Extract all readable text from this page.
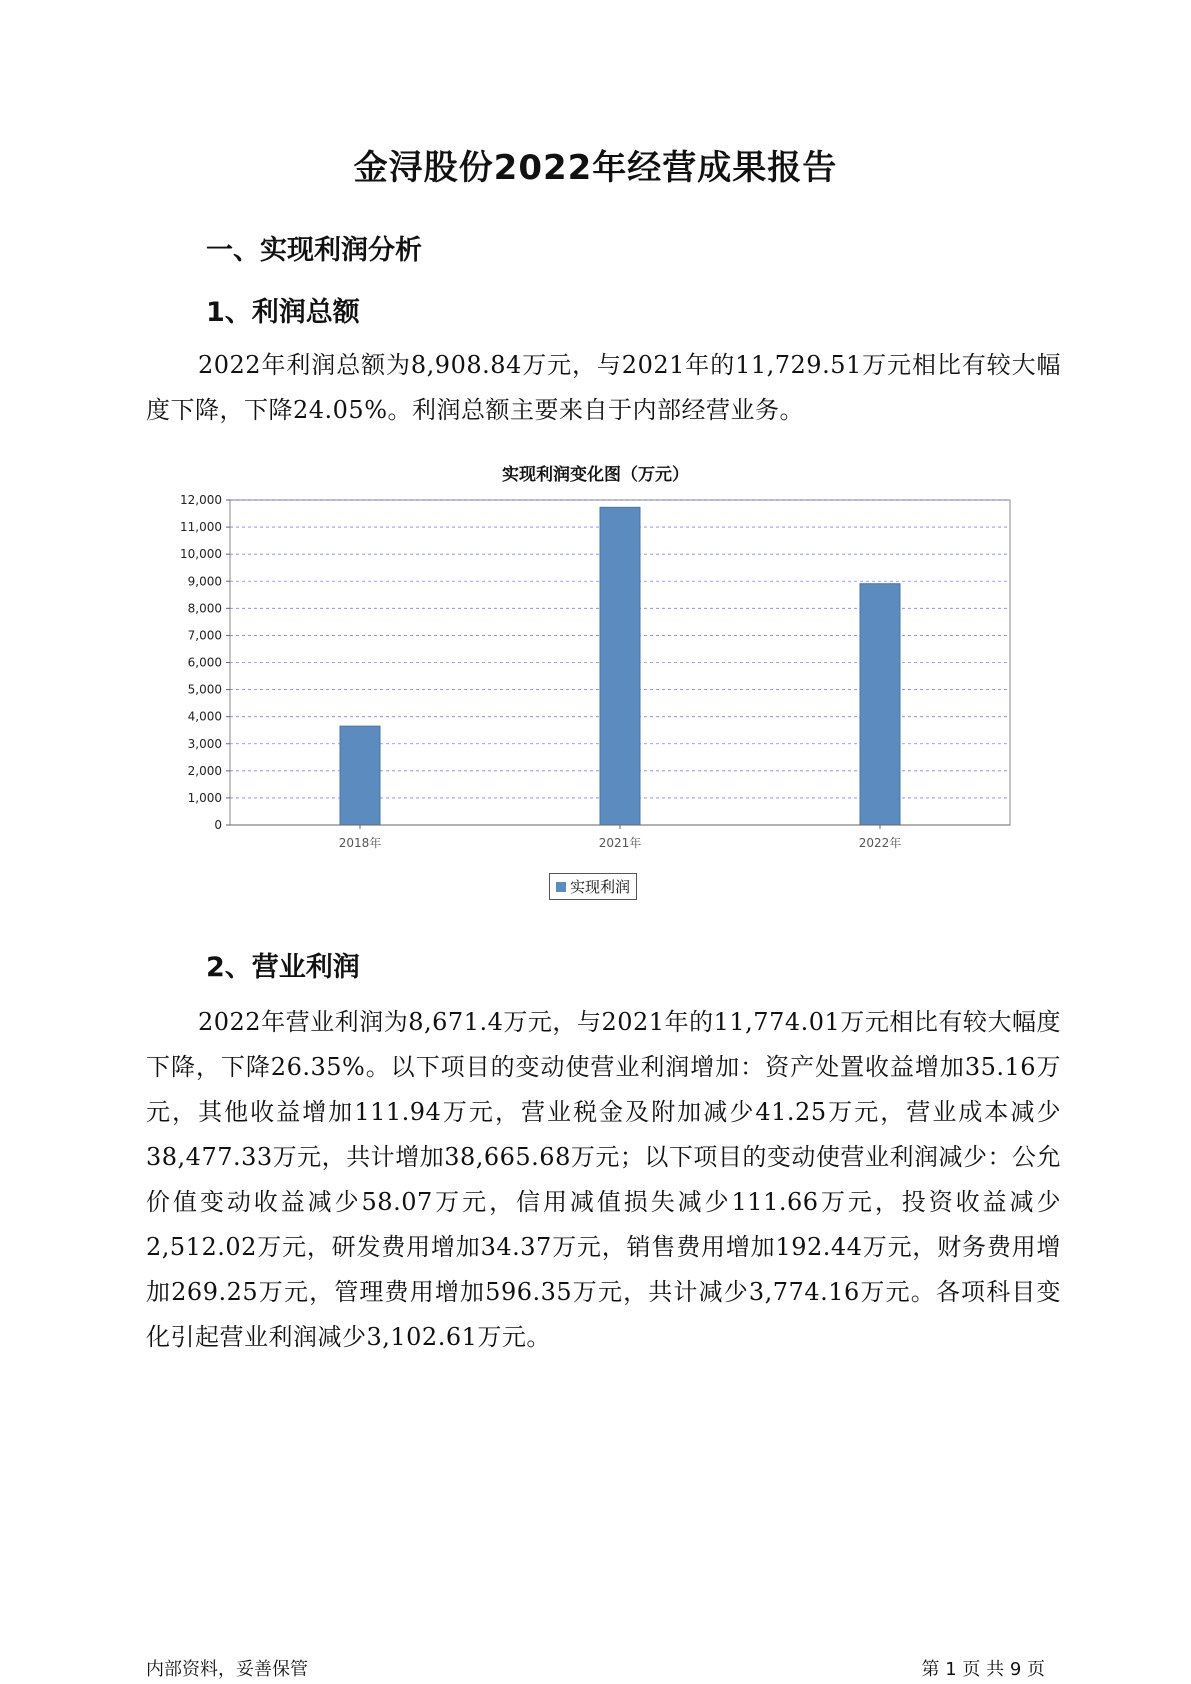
金浔股份2022年经营成果报告
一、实现利润分析
1、利润总额
2022年利润总额为8,908.84万元，与2021年的11,729.51万元相比有较大幅度下降，下降24.05%。利润总额主要来自于内部经营业务。
实现利润变化图（万元）
0
1,000
2,000
3,000
4,000
5,000
6,000
7,000
8,000
9,000
10,000
11,000
12,000
2018年	2021年	2022年
实现利润
2、营业利润
2022年营业利润为8,671.4万元，与2021年的11,774.01万元相比有较大幅度下降，下降26.35%。以下项目的变动使营业利润增加：资产处置收益增加35.16万元，其他收益增加111.94万元，营业税金及附加减少41.25万元，营业成本减少38,477.33万元，共计增加38,665.68万元；以下项目的变动使营业利润减少：公允价值变动收益减少58.07万元，信用减值损失减少111.66万元，投资收益减少2,512.02万元，研发费用增加34.37万元，销售费用增加192.44万元，财务费用增加269.25万元，管理费用增加596.35万元，共计减少3,774.16万元。各项科目变化引起营业利润减少3,102.61万元。
内部资料，妥善保管	第 1 页 共 9 页
